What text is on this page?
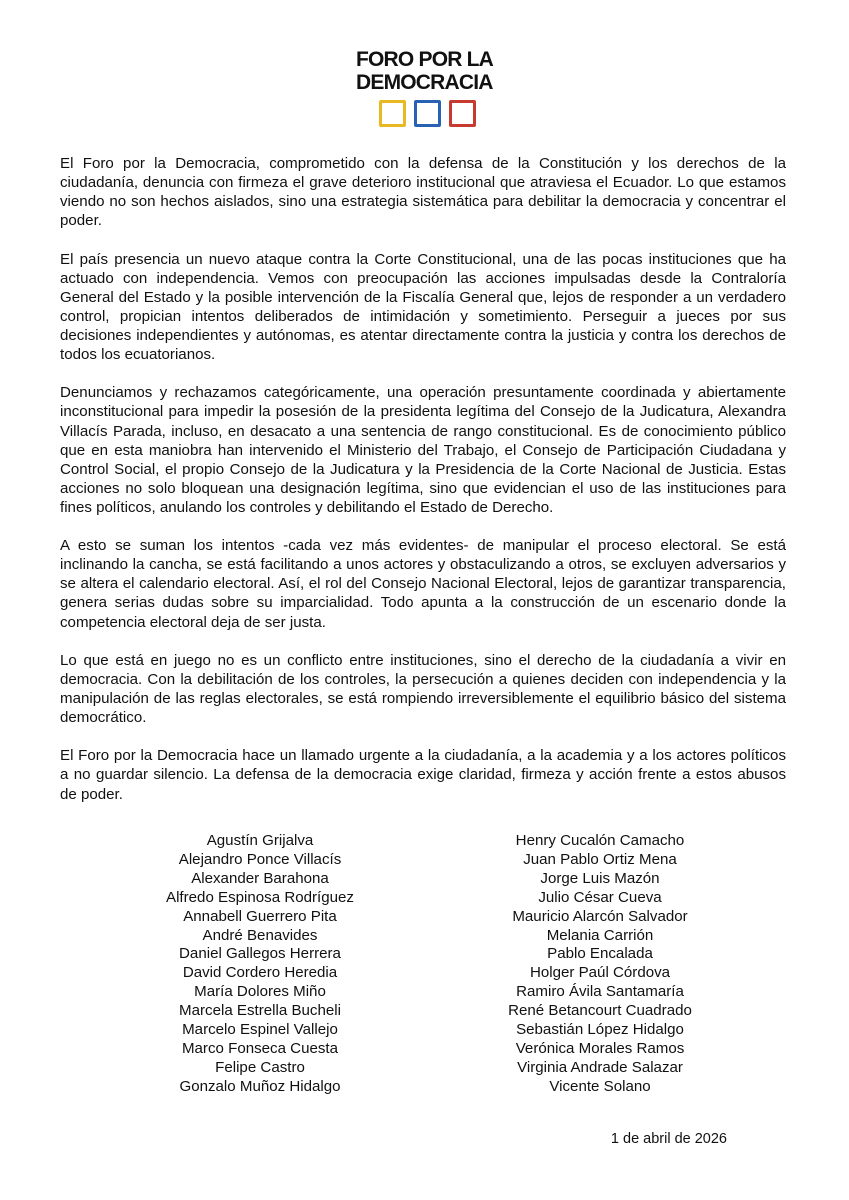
FORO POR LA
DEMOCRACIA

El Foro por la Democracia, comprometido con la defensa de la Constitución y los derechos de la ciudadanía, denuncia con firmeza el grave deterioro institucional que atraviesa el Ecuador. Lo que estamos viendo no son hechos aislados, sino una estrategia sistemática para debilitar la democracia y concentrar el poder.

El país presencia un nuevo ataque contra la Corte Constitucional, una de las pocas instituciones que ha actuado con independencia. Vemos con preocupación las acciones impulsadas desde la Contraloría General del Estado y la posible intervención de la Fiscalía General que, lejos de responder a un verdadero control, propician intentos deliberados de intimidación y sometimiento. Perseguir a jueces por sus decisiones independientes y autónomas, es atentar directamente contra la justicia y contra los derechos de todos los ecuatorianos.

Denunciamos y rechazamos categóricamente, una operación presuntamente coordinada y abiertamente inconstitucional para impedir la posesión de la presidenta legítima del Consejo de la Judicatura, Alexandra Villacís Parada, incluso, en desacato a una sentencia de rango constitucional. Es de conocimiento público que en esta maniobra han intervenido el Ministerio del Trabajo, el Consejo de Participación Ciudadana y Control Social, el propio Consejo de la Judicatura y la Presidencia de la Corte Nacional de Justicia. Estas acciones no solo bloquean una designación legítima, sino que evidencian el uso de las instituciones para fines políticos, anulando los controles y debilitando el Estado de Derecho.

A esto se suman los intentos -cada vez más evidentes- de manipular el proceso electoral. Se está inclinando la cancha, se está facilitando a unos actores y obstaculizando a otros, se excluyen adversarios y se altera el calendario electoral. Así, el rol del Consejo Nacional Electoral, lejos de garantizar transparencia, genera serias dudas sobre su imparcialidad. Todo apunta a la construcción de un escenario donde la competencia electoral deja de ser justa.

Lo que está en juego no es un conflicto entre instituciones, sino el derecho de la ciudadanía a vivir en democracia. Con la debilitación de los controles, la persecución a quienes deciden con independencia y la manipulación de las reglas electorales, se está rompiendo irreversiblemente el equilibrio básico del sistema democrático.

El Foro por la Democracia hace un llamado urgente a la ciudadanía, a la academia y a los actores políticos a no guardar silencio. La defensa de la democracia exige claridad, firmeza y acción frente a estos abusos de poder.

Agustín Grijalva
Alejandro Ponce Villacís
Alexander Barahona
Alfredo Espinosa Rodríguez
Annabell Guerrero Pita
André Benavides
Daniel Gallegos Herrera
David Cordero Heredia
María Dolores Miño
Marcela Estrella Bucheli
Marcelo Espinel Vallejo
Marco Fonseca Cuesta
Felipe Castro
Gonzalo Muñoz Hidalgo
Henry Cucalón Camacho
Juan Pablo Ortiz Mena
Jorge Luis Mazón
Julio César Cueva
Mauricio Alarcón Salvador
Melania Carrión
Pablo Encalada
Holger Paúl Córdova
Ramiro Ávila Santamaría
René Betancourt Cuadrado
Sebastián López Hidalgo
Verónica Morales Ramos
Virginia Andrade Salazar
Vicente Solano
1 de abril de 2026
